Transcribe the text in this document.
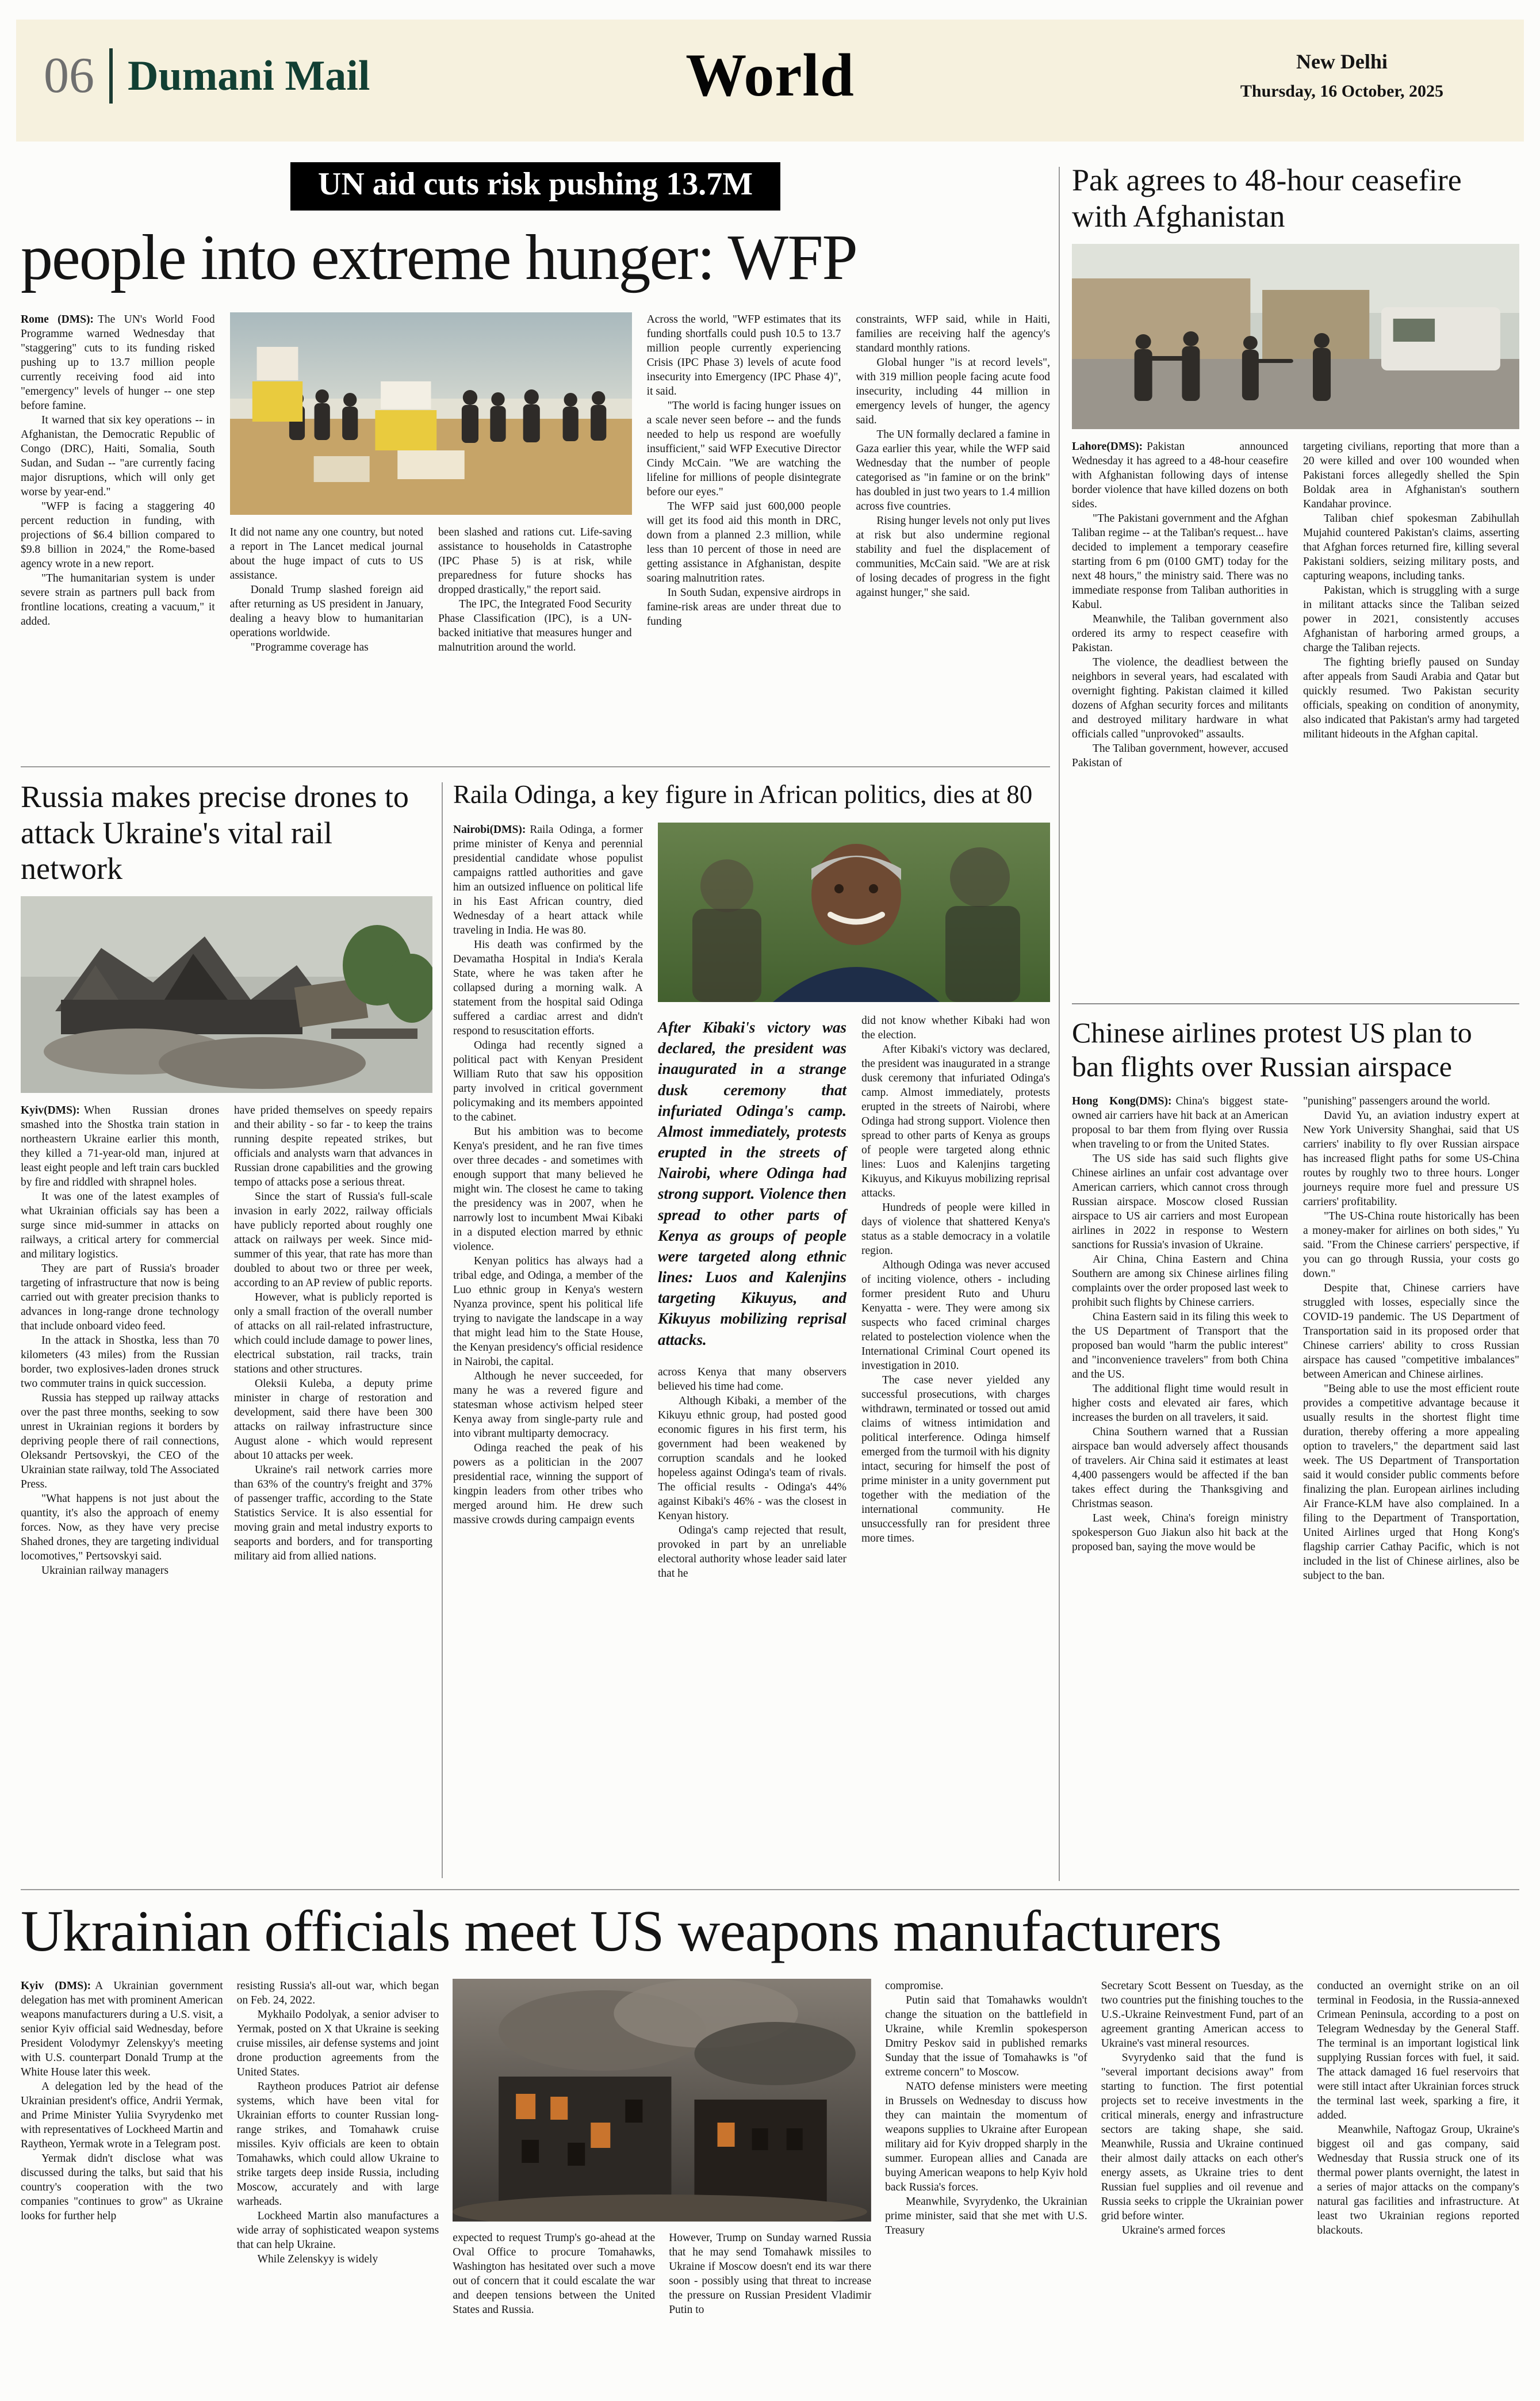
06 Dumani Mail	World	New Delhi
Thursday, 16 October, 2025
UN aid cuts risk pushing 13.7M
people into extreme hunger: WFP

Rome (DMS): The UN's World Food Programme warned Wednesday that "staggering" cuts to its funding risked pushing up to 13.7 million people currently receiving food aid into "emergency" levels of hunger -- one step before famine.

It warned that six key operations -- in Afghanistan, the Democratic Republic of Congo (DRC), Haiti, Somalia, South Sudan, and Sudan -- "are currently facing major disruptions, which will only get worse by year-end."

"WFP is facing a staggering 40 percent reduction in funding, with projections of $6.4 billion compared to $9.8 billion in 2024," the Rome-based agency wrote in a new report.

"The humanitarian system is under severe strain as partners pull back from frontline locations, creating a vacuum," it added.

It did not name any one country, but noted a report in The Lancet medical journal about the huge impact of cuts to US assistance.

Donald Trump slashed foreign aid after returning as US president in January, dealing a heavy blow to humanitarian operations worldwide.

"Programme coverage has

been slashed and rations cut. Life-saving assistance to households in Catastrophe (IPC Phase 5) is at risk, while preparedness for future shocks has dropped drastically," the report said.

The IPC, the Integrated Food Security Phase Classification (IPC), is a UN-backed initiative that measures hunger and malnutrition around the world.

Across the world, "WFP estimates that its funding shortfalls could push 10.5 to 13.7 million people currently experiencing Crisis (IPC Phase 3) levels of acute food insecurity into Emergency (IPC Phase 4)", it said.

"The world is facing hunger issues on a scale never seen before -- and the funds needed to help us respond are woefully insufficient," said WFP Executive Director Cindy McCain. "We are watching the lifeline for millions of people disintegrate before our eyes."

The WFP said just 600,000 people will get its food aid this month in DRC, down from a planned 2.3 million, while less than 10 percent of those in need are getting assistance in Afghanistan, despite soaring malnutrition rates.

In South Sudan, expensive airdrops in famine-risk areas are under threat due to funding

constraints, WFP said, while in Haiti, families are receiving half the agency's standard monthly rations.

Global hunger "is at record levels", with 319 million people facing acute food insecurity, including 44 million in emergency levels of hunger, the agency said.

The UN formally declared a famine in Gaza earlier this year, while the WFP said Wednesday that the number of people categorised as "in famine or on the brink" has doubled in just two years to 1.4 million across five countries.

Rising hunger levels not only put lives at risk but also undermine regional stability and fuel the displacement of communities, McCain said. "We are at risk of losing decades of progress in the fight against hunger," she said.

Pak agrees to 48-hour ceasefire with Afghanistan

Lahore(DMS): Pakistan announced Wednesday it has agreed to a 48-hour ceasefire with Afghanistan following days of intense border violence that have killed dozens on both sides.

"The Pakistani government and the Afghan Taliban regime -- at the Taliban's request... have decided to implement a temporary ceasefire starting from 6 pm (0100 GMT) today for the next 48 hours," the ministry said. There was no immediate response from Taliban authorities in Kabul.

Meanwhile, the Taliban government also ordered its army to respect ceasefire with Pakistan.

The violence, the deadliest between the neighbors in several years, had escalated with overnight fighting. Pakistan claimed it killed dozens of Afghan security forces and militants and destroyed military hardware in what officials called "unprovoked" assaults.

The Taliban government, however, accused Pakistan of

targeting civilians, reporting that more than a 20 were killed and over 100 wounded when Pakistani forces allegedly shelled the Spin Boldak area in Afghanistan's southern Kandahar province.

Taliban chief spokesman Zabihullah Mujahid countered Pakistan's claims, asserting that Afghan forces returned fire, killing several Pakistani soldiers, seizing military posts, and capturing weapons, including tanks.

Pakistan, which is struggling with a surge in militant attacks since the Taliban seized power in 2021, consistently accuses Afghanistan of harboring armed groups, a charge the Taliban rejects.

The fighting briefly paused on Sunday after appeals from Saudi Arabia and Qatar but quickly resumed. Two Pakistan security officials, speaking on condition of anonymity, also indicated that Pakistan's army had targeted militant hideouts in the Afghan capital.

Chinese airlines protest US plan to ban flights over Russian airspace

Hong Kong(DMS): China's biggest state-owned air carriers have hit back at an American proposal to bar them from flying over Russia when traveling to or from the United States.

The US side has said such flights give Chinese airlines an unfair cost advantage over American carriers, which cannot cross through Russian airspace. Moscow closed Russian airspace to US air carriers and most European airlines in 2022 in response to Western sanctions for Russia's invasion of Ukraine.

Air China, China Eastern and China Southern are among six Chinese airlines filing complaints over the order proposed last week to prohibit such flights by Chinese carriers.

China Eastern said in its filing this week to the US Department of Transport that the proposed ban would "harm the public interest" and "inconvenience travelers" from both China and the US.

The additional flight time would result in higher costs and elevated air fares, which increases the burden on all travelers, it said.

China Southern warned that a Russian airspace ban would adversely affect thousands of travelers. Air China said it estimates at least 4,400 passengers would be affected if the ban takes effect during the Thanksgiving and Christmas season.

Last week, China's foreign ministry spokesperson Guo Jiakun also hit back at the proposed ban, saying the move would be

"punishing" passengers around the world.

David Yu, an aviation industry expert at New York University Shanghai, said that US carriers' inability to fly over Russian airspace has increased flight paths for some US-China routes by roughly two to three hours. Longer journeys require more fuel and pressure US carriers' profitability.

"The US-China route historically has been a money-maker for airlines on both sides," Yu said. "From the Chinese carriers' perspective, if you can go through Russia, your costs go down."

Despite that, Chinese carriers have struggled with losses, especially since the COVID-19 pandemic. The US Department of Transportation said in its proposed order that Chinese carriers' ability to cross Russian airspace has caused "competitive imbalances" between American and Chinese airlines.

"Being able to use the most efficient route provides a competitive advantage because it usually results in the shortest flight time duration, thereby offering a more appealing option to travelers," the department said last week. The US Department of Transportation said it would consider public comments before finalizing the plan. European airlines including Air France-KLM have also complained. In a filing to the Department of Transportation, United Airlines urged that Hong Kong's flagship carrier Cathay Pacific, which is not included in the list of Chinese airlines, also be subject to the ban.

Russia makes precise drones to attack Ukraine's vital rail network

Kyiv(DMS): When Russian drones smashed into the Shostka train station in northeastern Ukraine earlier this month, they killed a 71-year-old man, injured at least eight people and left train cars buckled by fire and riddled with shrapnel holes.

It was one of the latest examples of what Ukrainian officials say has been a surge since mid-summer in attacks on railways, a critical artery for commercial and military logistics.

They are part of Russia's broader targeting of infrastructure that now is being carried out with greater precision thanks to advances in long-range drone technology that include onboard video feed.

In the attack in Shostka, less than 70 kilometers (43 miles) from the Russian border, two explosives-laden drones struck two commuter trains in quick succession.

Russia has stepped up railway attacks over the past three months, seeking to sow unrest in Ukrainian regions it borders by depriving people there of rail connections, Oleksandr Pertsovskyi, the CEO of the Ukrainian state railway, told The Associated Press.

"What happens is not just about the quantity, it's also the approach of enemy forces. Now, as they have very precise Shahed drones, they are targeting individual locomotives," Pertsovskyi said.

Ukrainian railway managers

have prided themselves on speedy repairs and their ability - so far - to keep the trains running despite repeated strikes, but officials and analysts warn that advances in Russian drone capabilities and the growing tempo of attacks pose a serious threat.

Since the start of Russia's full-scale invasion in early 2022, railway officials have publicly reported about roughly one attack on railways per week. Since mid-summer of this year, that rate has more than doubled to about two or three per week, according to an AP review of public reports.

However, what is publicly reported is only a small fraction of the overall number of attacks on all rail-related infrastructure, which could include damage to power lines, electrical substation, rail tracks, train stations and other structures.

Oleksii Kuleba, a deputy prime minister in charge of restoration and development, said there have been 300 attacks on railway infrastructure since August alone - which would represent about 10 attacks per week.

Ukraine's rail network carries more than 63% of the country's freight and 37% of passenger traffic, according to the State Statistics Service. It is also essential for moving grain and metal industry exports to seaports and borders, and for transporting military aid from allied nations.

Raila Odinga, a key figure in African politics, dies at 80

Nairobi(DMS): Raila Odinga, a former prime minister of Kenya and perennial presidential candidate whose populist campaigns rattled authorities and gave him an outsized influence on political life in his East African country, died Wednesday of a heart attack while traveling in India. He was 80.

His death was confirmed by the Devamatha Hospital in India's Kerala State, where he was taken after he collapsed during a morning walk. A statement from the hospital said Odinga suffered a cardiac arrest and didn't respond to resuscitation efforts.

Odinga had recently signed a political pact with Kenyan President William Ruto that saw his opposition party involved in critical government policymaking and its members appointed to the cabinet.

But his ambition was to become Kenya's president, and he ran five times over three decades - and sometimes with enough support that many believed he might win. The closest he came to taking the presidency was in 2007, when he narrowly lost to incumbent Mwai Kibaki in a disputed election marred by ethnic violence.

Kenyan politics has always had a tribal edge, and Odinga, a member of the Luo ethnic group in Kenya's western Nyanza province, spent his political life trying to navigate the landscape in a way that might lead him to the State House, the Kenyan presidency's official residence in Nairobi, the capital.

Although he never succeeded, for many he was a revered figure and statesman whose activism helped steer Kenya away from single-party rule and into vibrant multiparty democracy.

Odinga reached the peak of his powers as a politician in the 2007 presidential race, winning the support of kingpin leaders from other tribes who merged around him. He drew such massive crowds during campaign events

After Kibaki's victory was declared, the president was inaugurated in a strange dusk ceremony that infuriated Odinga's camp. Almost immediately, protests erupted in the streets of Nairobi, where Odinga had strong support. Violence then spread to other parts of Kenya as groups of people were targeted along ethnic lines: Luos and Kalenjins targeting Kikuyus, and Kikuyus mobilizing reprisal attacks.

across Kenya that many observers believed his time had come.

Although Kibaki, a member of the Kikuyu ethnic group, had posted good economic figures in his first term, his government had been weakened by corruption scandals and he looked hopeless against Odinga's team of rivals. The official results - Odinga's 44% against Kibaki's 46% - was the closest in Kenyan history.

Odinga's camp rejected that result, provoked in part by an unreliable electoral authority whose leader said later that he

did not know whether Kibaki had won the election.

After Kibaki's victory was declared, the president was inaugurated in a strange dusk ceremony that infuriated Odinga's camp. Almost immediately, protests erupted in the streets of Nairobi, where Odinga had strong support. Violence then spread to other parts of Kenya as groups of people were targeted along ethnic lines: Luos and Kalenjins targeting Kikuyus, and Kikuyus mobilizing reprisal attacks.

Hundreds of people were killed in days of violence that shattered Kenya's status as a stable democracy in a volatile region.

Although Odinga was never accused of inciting violence, others - including former president Ruto and Uhuru Kenyatta - were. They were among six suspects who faced criminal charges related to postelection violence when the International Criminal Court opened its investigation in 2010.

The case never yielded any successful prosecutions, with charges withdrawn, terminated or tossed out amid claims of witness intimidation and political interference. Odinga himself emerged from the turmoil with his dignity intact, securing for himself the post of prime minister in a unity government put together with the mediation of the international community. He unsuccessfully ran for president three more times.

Ukrainian officials meet US weapons manufacturers

Kyiv (DMS): A Ukrainian government delegation has met with prominent American weapons manufacturers during a U.S. visit, a senior Kyiv official said Wednesday, before President Volodymyr Zelenskyy's meeting with U.S. counterpart Donald Trump at the White House later this week.

A delegation led by the head of the Ukrainian president's office, Andrii Yermak, and Prime Minister Yuliia Svyrydenko met with representatives of Lockheed Martin and Raytheon, Yermak wrote in a Telegram post.

Yermak didn't disclose what was discussed during the talks, but said that his country's cooperation with the two companies "continues to grow" as Ukraine looks for further help

resisting Russia's all-out war, which began on Feb. 24, 2022.

Mykhailo Podolyak, a senior adviser to Yermak, posted on X that Ukraine is seeking cruise missiles, air defense systems and joint drone production agreements from the United States.

Raytheon produces Patriot air defense systems, which have been vital for Ukrainian efforts to counter Russian long-range strikes, and Tomahawk cruise missiles. Kyiv officials are keen to obtain Tomahawks, which could allow Ukraine to strike targets deep inside Russia, including Moscow, accurately and with large warheads.

Lockheed Martin also manufactures a wide array of sophisticated weapon systems that can help Ukraine.

While Zelenskyy is widely

expected to request Trump's go-ahead at the Oval Office to procure Tomahawks, Washington has hesitated over such a move out of concern that it could escalate the war and deepen tensions between the United States and Russia.

However, Trump on Sunday warned Russia that he may send Tomahawk missiles to Ukraine if Moscow doesn't end its war there soon - possibly using that threat to increase the pressure on Russian President Vladimir Putin to

compromise.

Putin said that Tomahawks wouldn't change the situation on the battlefield in Ukraine, while Kremlin spokesperson Dmitry Peskov said in published remarks Sunday that the issue of Tomahawks is "of extreme concern" to Moscow.

NATO defense ministers were meeting in Brussels on Wednesday to discuss how they can maintain the momentum of weapons supplies to Ukraine after European military aid for Kyiv dropped sharply in the summer. European allies and Canada are buying American weapons to help Kyiv hold back Russia's forces.

Meanwhile, Svyrydenko, the Ukrainian prime minister, said that she met with U.S. Treasury

Secretary Scott Bessent on Tuesday, as the two countries put the finishing touches to the U.S.-Ukraine Reinvestment Fund, part of an agreement granting American access to Ukraine's vast mineral resources.

Svyrydenko said that the fund is "several important decisions away" from starting to function. The first potential projects set to receive investments in the critical minerals, energy and infrastructure sectors are taking shape, she said. Meanwhile, Russia and Ukraine continued their almost daily attacks on each other's energy assets, as Ukraine tries to dent Russian fuel supplies and oil revenue and Russia seeks to cripple the Ukrainian power grid before winter.

Ukraine's armed forces

conducted an overnight strike on an oil terminal in Feodosia, in the Russia-annexed Crimean Peninsula, according to a post on Telegram Wednesday by the General Staff. The terminal is an important logistical link supplying Russian forces with fuel, it said. The attack damaged 16 fuel reservoirs that were still intact after Ukrainian forces struck the terminal last week, sparking a fire, it added.

Meanwhile, Naftogaz Group, Ukraine's biggest oil and gas company, said Wednesday that Russia struck one of its thermal power plants overnight, the latest in a series of major attacks on the company's natural gas facilities and infrastructure. At least two Ukrainian regions reported blackouts.
